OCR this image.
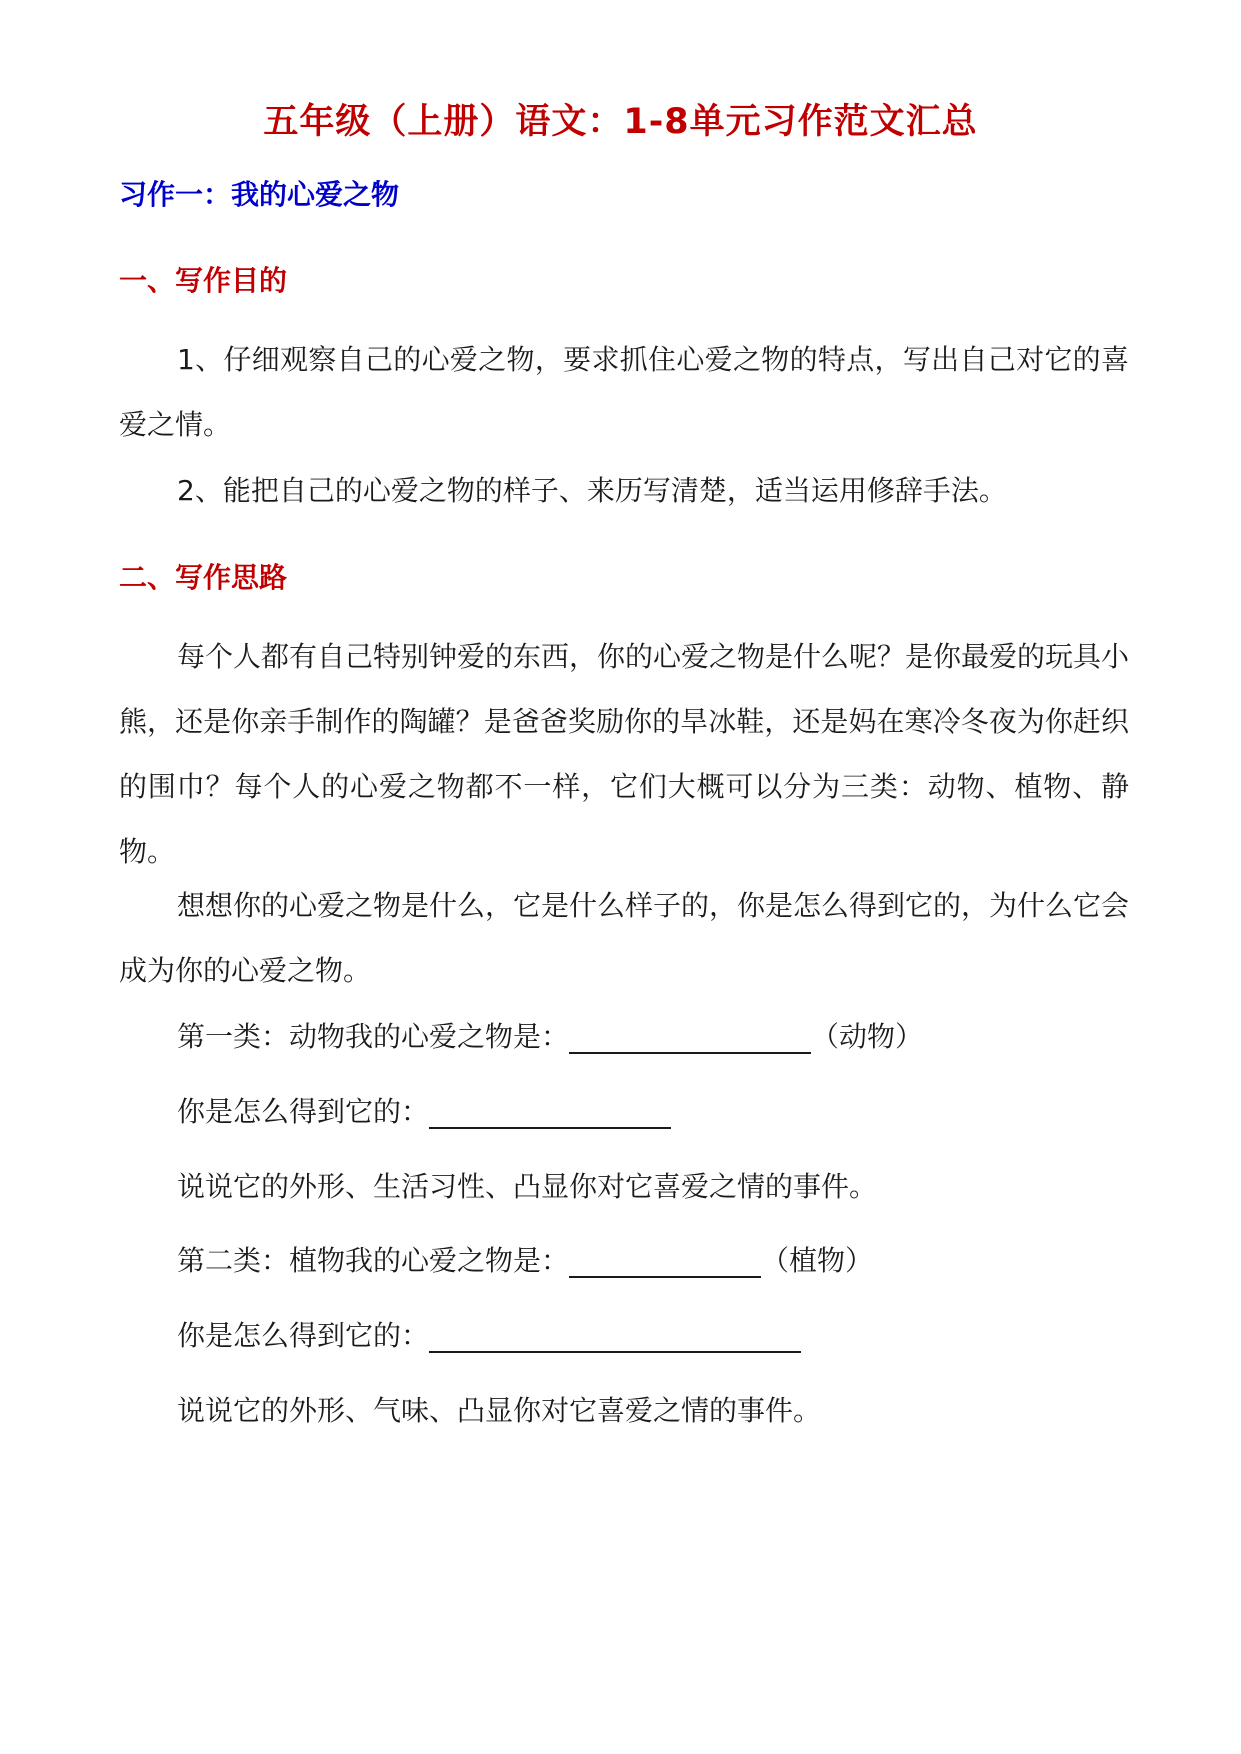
五年级（上册）语文：1-8单元习作范文汇总
习作一：我的心爱之物
一、写作目的
1、仔细观察自己的心爱之物，要求抓住心爱之物的特点，写出自己对它的喜爱之情。
2、能把自己的心爱之物的样子、来历写清楚，适当运用修辞手法。
二、写作思路
每个人都有自己特别钟爱的东西，你的心爱之物是什么呢？是你最爱的玩具小熊，还是你亲手制作的陶罐？是爸爸奖励你的旱冰鞋，还是妈在寒冷冬夜为你赶织的围巾？每个人的心爱之物都不一样，它们大概可以分为三类：动物、植物、静物。
想想你的心爱之物是什么，它是什么样子的，你是怎么得到它的，为什么它会成为你的心爱之物。
第一类：动物我的心爱之物是：	（动物）
你是怎么得到它的：
说说它的外形、生活习性、凸显你对它喜爱之情的事件。
第二类：植物我的心爱之物是：	（植物）
你是怎么得到它的：
说说它的外形、气味、凸显你对它喜爱之情的事件。
